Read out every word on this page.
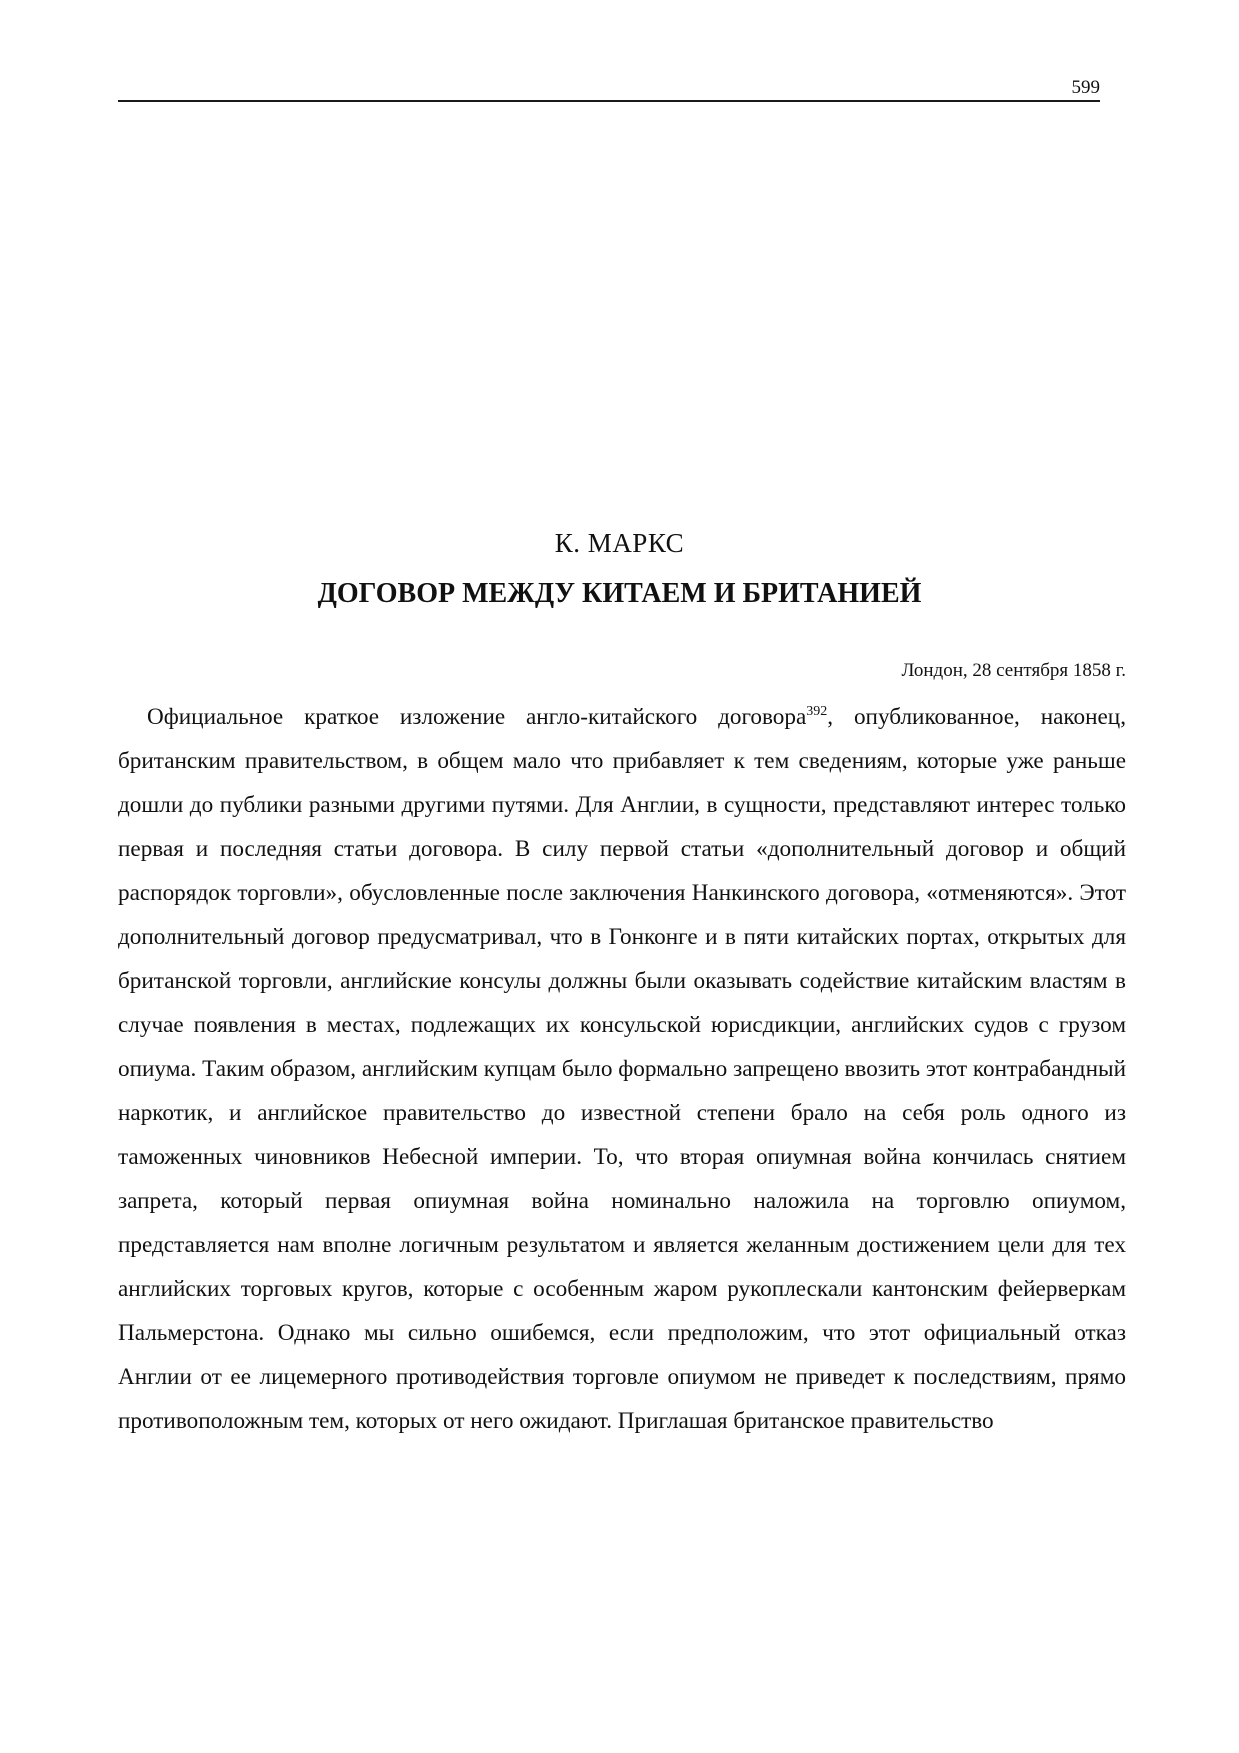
599
К. МАРКС
ДОГОВОР МЕЖДУ КИТАЕМ И БРИТАНИЕЙ
Лондон, 28 сентября 1858 г.

Официальное краткое изложение англо-китайского договора$^{392}$, опубликованное, наконец, британским правительством, в общем мало что прибавляет к тем сведениям, которые уже раньше дошли до публики разными другими путями. Для Англии, в сущности, представляют интерес только первая и последняя статьи договора. В силу первой статьи «дополнительный договор и общий распорядок торговли», обусловленные после заключения Нанкинского договора, «отменяются». Этот дополнительный договор предусматривал, что в Гонконге и в пяти китайских портах, открытых для британской торговли, английские консулы должны были оказывать содействие китайским властям в случае появления в местах, подлежащих их консульской юрисдикции, английских судов с грузом опиума. Таким образом, английским купцам было формально запрещено ввозить этот контрабандный наркотик, и английское правительство до известной степени брало на себя роль одного из таможенных чиновников Небесной империи. То, что вторая опиумная война кончилась снятием запрета, который первая опиумная война номинально наложила на торговлю опиумом, представляется нам вполне логичным результатом и является желанным достижением цели для тех английских торговых кругов, которые с особенным жаром рукоплескали кантонским фейерверкам Пальмерстона. Однако мы сильно ошибемся, если предположим, что этот официальный отказ Англии от ее лицемерного противодействия торговле опиумом не приведет к последствиям, прямо противоположным тем, которых от него ожидают. Приглашая британское правительство
